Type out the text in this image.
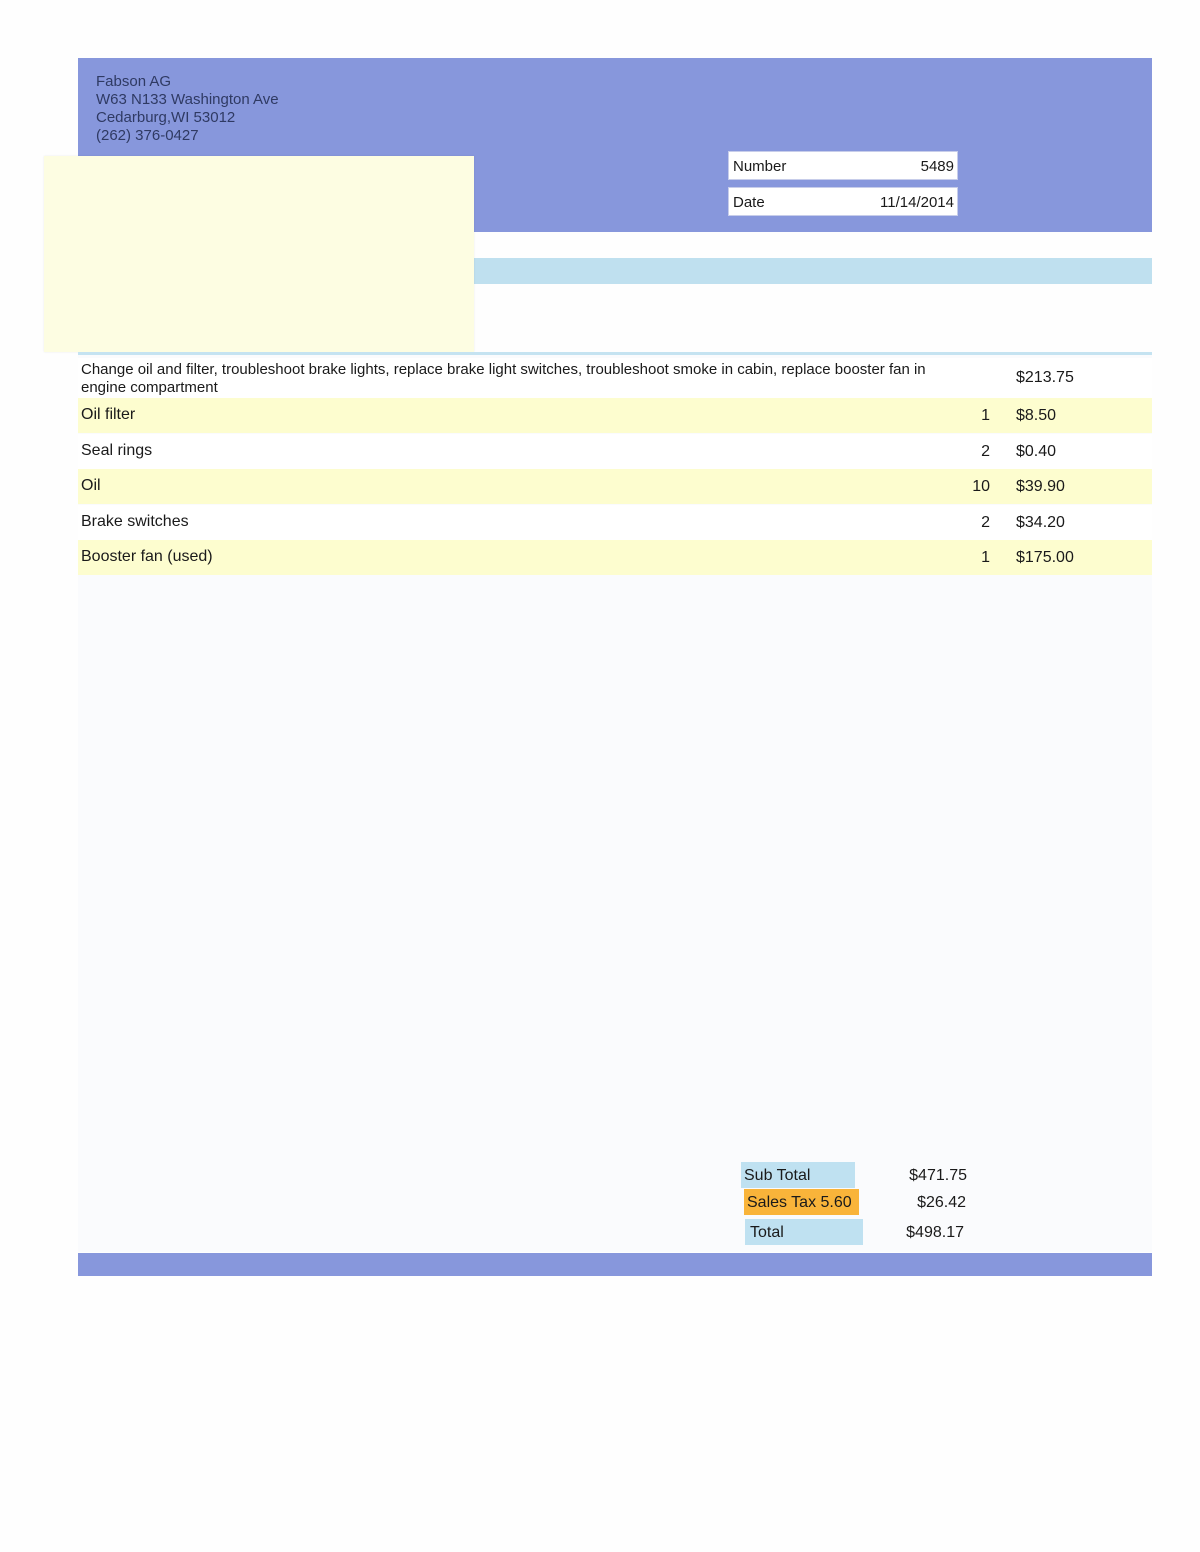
Fabson AG
W63 N133 Washington Ave
Cedarburg,WI 53012
(262) 376-0427
Number	5489
Date	11/14/2014
Change oil and filter, troubleshoot brake lights, replace brake light switches, troubleshoot smoke in cabin, replace booster fan in engine compartment
$213.75
Oil filter	1 $8.50
Seal rings	2 $0.40
Oil	10 $39.90
Brake switches	2 $34.20
Booster fan (used)	1 $175.00
Sub Total	$471.75
Sales Tax 5.60	$26.42
Total	$498.17
